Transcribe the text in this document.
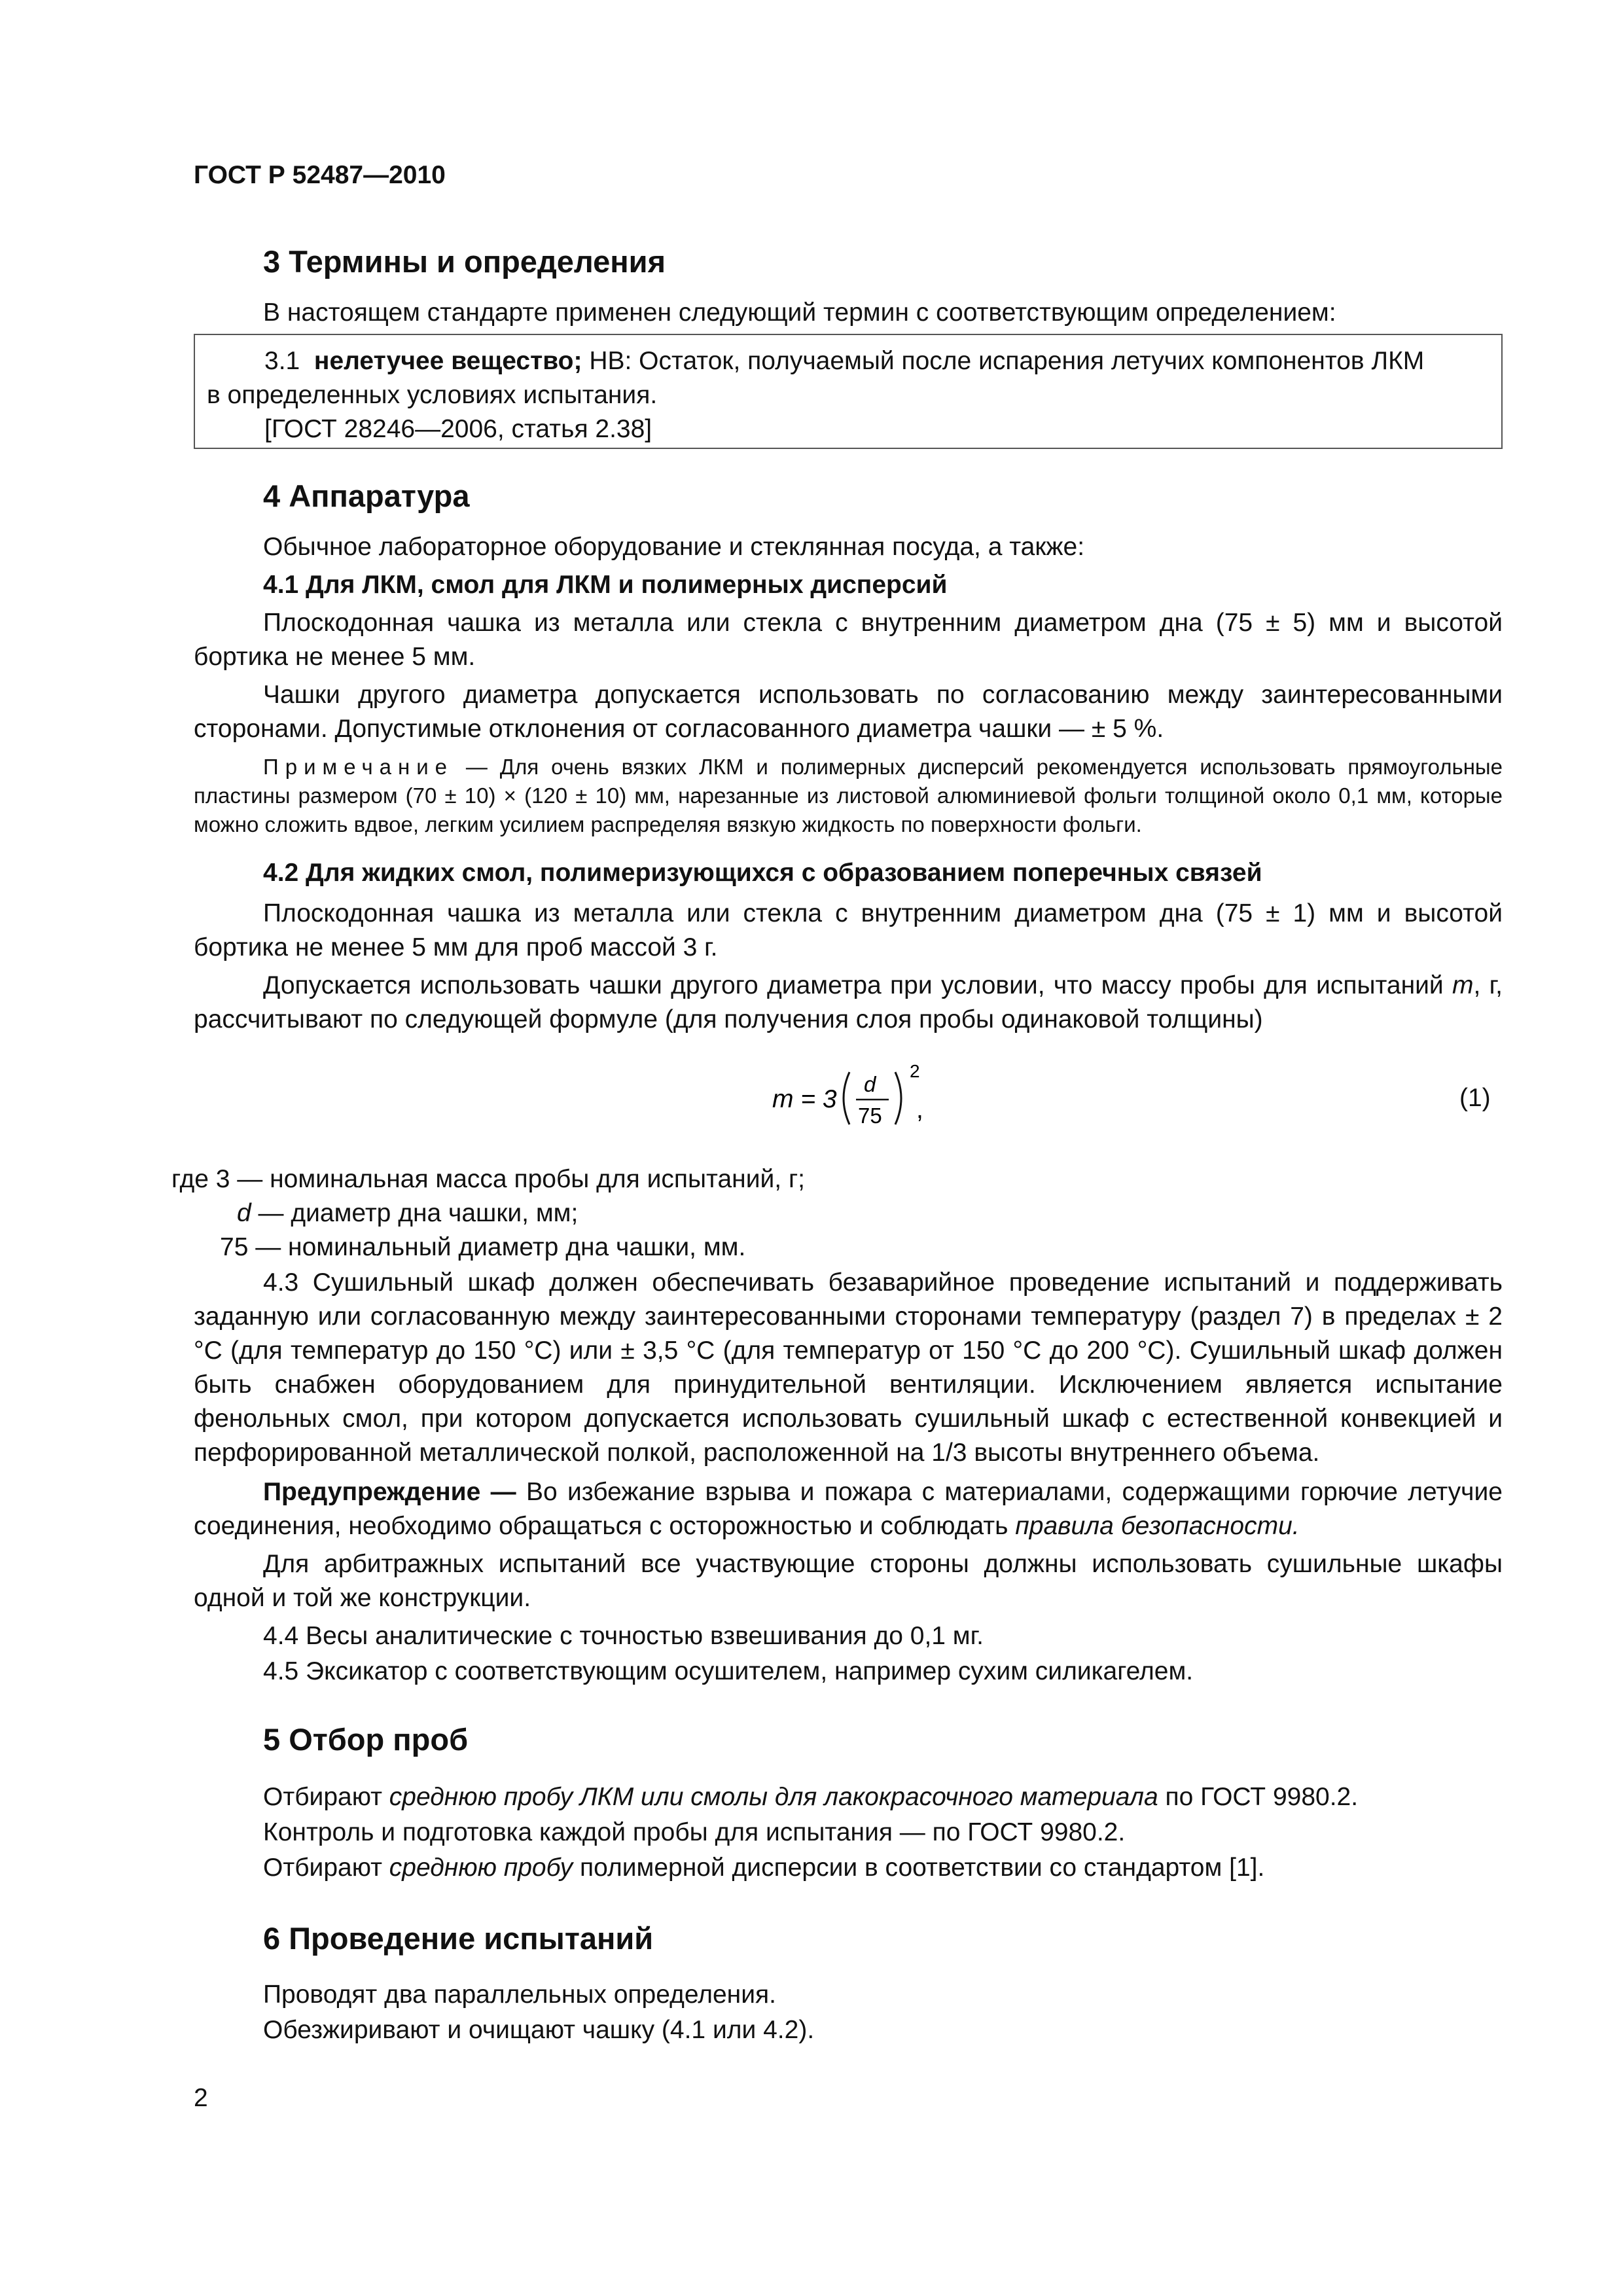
ГОСТ Р 52487—2010
3 Термины и определения
В настоящем стандарте применен следующий термин с соответствующим определением:
3.1 нелетучее вещество; НВ: Остаток, получаемый после испарения летучих компонентов ЛКМ
в определенных условиях испытания.
[ГОСТ 28246—2006, статья 2.38]
4 Аппаратура
Обычное лабораторное оборудование и стеклянная посуда, а также:
4.1 Для ЛКМ, смол для ЛКМ и полимерных дисперсий
Плоскодонная чашка из металла или стекла с внутренним диаметром дна (75 ± 5) мм и высотой бортика не менее 5 мм.
Чашки другого диаметра допускается использовать по согласованию между заинтересованными сторонами. Допустимые отклонения от согласованного диаметра чашки — ± 5 %.
Примечание — Для очень вязких ЛКМ и полимерных дисперсий рекомендуется использовать прямоугольные пластины размером (70 ± 10) × (120 ± 10) мм, нарезанные из листовой алюминиевой фольги толщиной около 0,1 мм, которые можно сложить вдвое, легким усилием распределяя вязкую жидкость по поверхности фольги.
4.2 Для жидких смол, полимеризующихся с образованием поперечных связей
Плоскодонная чашка из металла или стекла с внутренним диаметром дна (75 ± 1) мм и высотой бортика не менее 5 мм для проб массой 3 г.
Допускается использовать чашки другого диаметра при условии, что массу пробы для испытаний m, г, рассчитывают по следующей формуле (для получения слоя пробы одинаковой толщины)
m = 3
d
75
2
,	(1)
где 3 — номинальная масса пробы для испытаний, г;
d — диаметр дна чашки, мм;
75 — номинальный диаметр дна чашки, мм.
4.3 Сушильный шкаф должен обеспечивать безаварийное проведение испытаний и поддерживать заданную или согласованную между заинтересованными сторонами температуру (раздел 7) в пределах ± 2 °С (для температур до 150 °С) или ± 3,5 °С (для температур от 150 °С до 200 °С). Сушильный шкаф должен быть снабжен оборудованием для принудительной вентиляции. Исключением является испытание фенольных смол, при котором допускается использовать сушильный шкаф с естественной конвекцией и перфорированной металлической полкой, расположенной на 1/3 высоты внутреннего объема.
Предупреждение — Во избежание взрыва и пожара с материалами, содержащими горючие летучие соединения, необходимо обращаться с осторожностью и соблюдать правила безопасности.
Для арбитражных испытаний все участвующие стороны должны использовать сушильные шкафы одной и той же конструкции.
4.4 Весы аналитические с точностью взвешивания до 0,1 мг.
4.5 Эксикатор с соответствующим осушителем, например сухим силикагелем.
5 Отбор проб
Отбирают среднюю пробу ЛКМ или смолы для лакокрасочного материала по ГОСТ 9980.2.
Контроль и подготовка каждой пробы для испытания — по ГОСТ 9980.2.
Отбирают среднюю пробу полимерной дисперсии в соответствии со стандартом [1].
6 Проведение испытаний
Проводят два параллельных определения.
Обезжиривают и очищают чашку (4.1 или 4.2).
2
